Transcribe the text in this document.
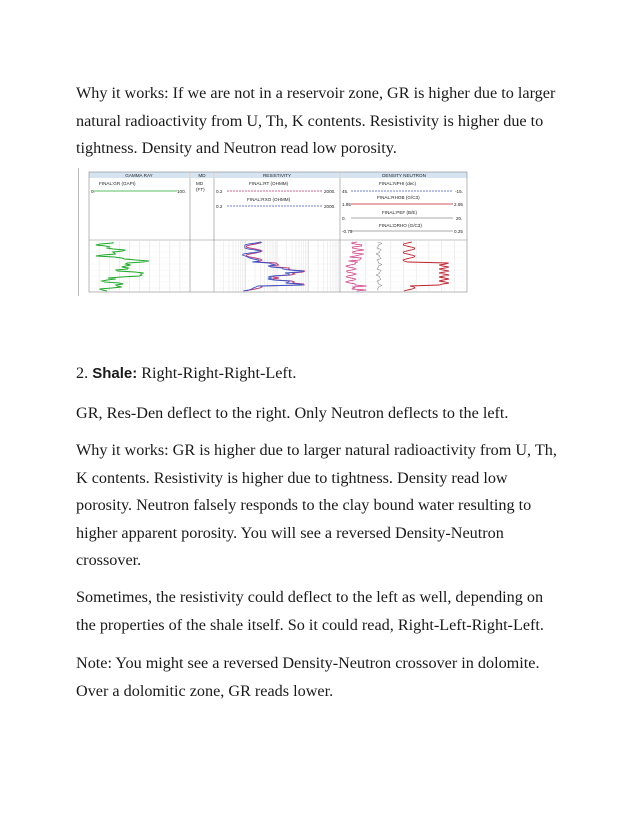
Why it works: If we are not in a reservoir zone, GR is higher due to larger natural radioactivity from U, Th, K contents. Resistivity is higher due to tightness. Density and Neutron read low porosity.

GAMMA RAY	MD	RESISTIVITY	DENSITY NEUTRON
FINAL:GR (GAPI)
0.	100.
MD
(FT)
FINAL:RT (OHMM)
0.2	2000.
FINAL:RXO (OHMM)
0.2	2000.
FINAL:NPHI (dec)
45.	-15.
FINAL:RHOB (G/C3)
1.95	2.95
FINAL:PEF (B/E)
0.	20.
FINAL:DRHO (G/C3)
-0.75	0.25

2. Shale: Right-Right-Right-Left.

GR, Res-Den deflect to the right. Only Neutron deflects to the left.

Why it works: GR is higher due to larger natural radioactivity from U, Th, K contents. Resistivity is higher due to tightness. Density read low porosity. Neutron falsely responds to the clay bound water resulting to higher apparent porosity. You will see a reversed Density-Neutron crossover.

Sometimes, the resistivity could deflect to the left as well, depending on the properties of the shale itself. So it could read, Right-Left-Right-Left.

Note: You might see a reversed Density-Neutron crossover in dolomite. Over a dolomitic zone, GR reads lower.
